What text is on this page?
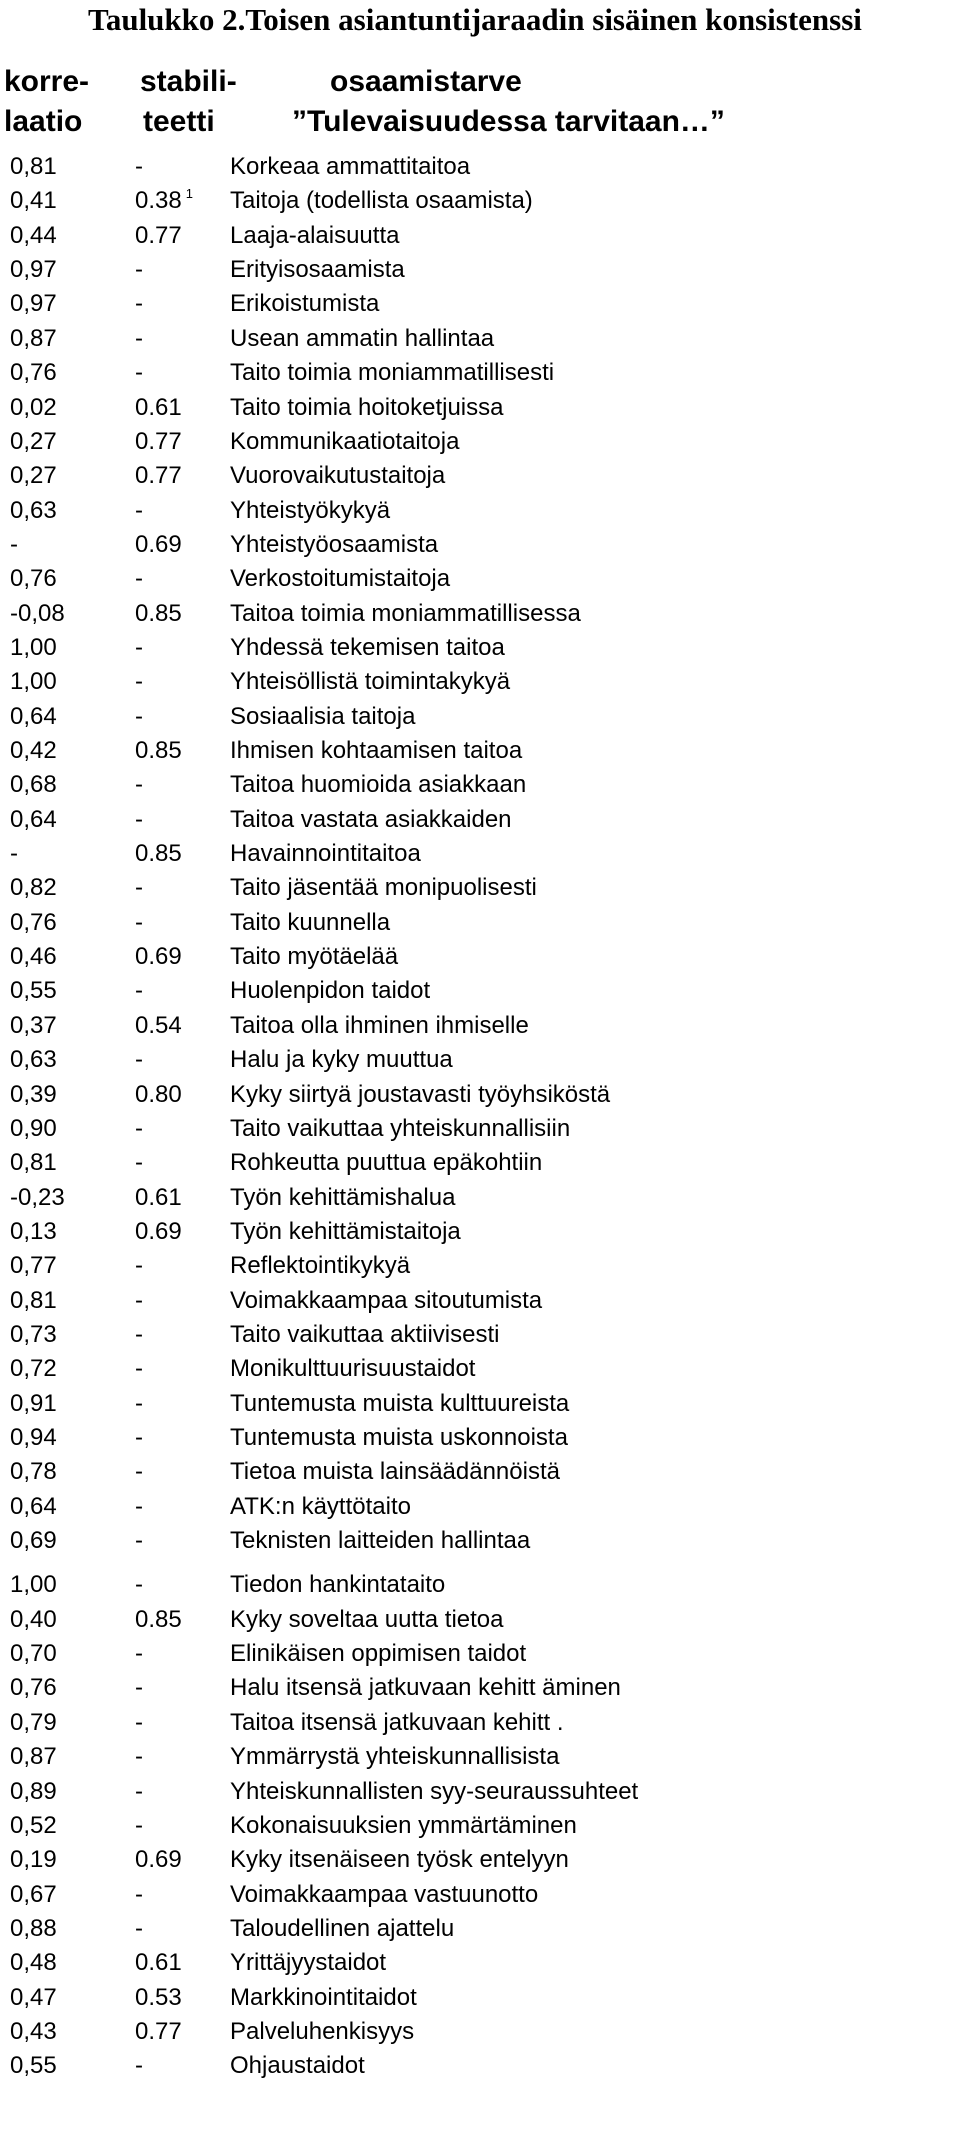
Taulukko 2.Toisen asiantuntijaraadin sisäinen konsistenssi
korre-
laatio
stabili-
teetti
osaamistarve
”Tulevaisuudessa tarvitaan…”
0,81	-	Korkeaa ammattitaitoa
0,41	0.38 $^1$ Taitoja (todellista osaamista)
0,44	0.77 Laaja-alaisuutta
0,97	-	Erityisosaamista
0,97	-	Erikoistumista
0,87	-	Usean ammatin hallintaa
0,76	-	Taito toimia moniammatillisesti
0,02	0.61 Taito toimia hoitoketjuissa
0,27	0.77 Kommunikaatiotaitoja
0,27	0.77 Vuorovaikutustaitoja
0,63	-	Yhteistyökykyä
-	0.69 Yhteistyöosaamista
0,76	-	Verkostoitumistaitoja
-0,08	0.85 Taitoa toimia moniammatillisessa
1,00	-	Yhdessä tekemisen taitoa
1,00	-	Yhteisöllistä toimintakykyä
0,64	-	Sosiaalisia taitoja
0,42	0.85 Ihmisen kohtaamisen taitoa
0,68	-	Taitoa huomioida asiakkaan
0,64	-	Taitoa vastata asiakkaiden
-	0.85 Havainnointitaitoa
0,82	-	Taito jäsentää monipuolisesti
0,76	-	Taito kuunnella
0,46	0.69 Taito myötäelää
0,55	-	Huolenpidon taidot
0,37	0.54 Taitoa olla ihminen ihmiselle
0,63	-	Halu ja kyky muuttua
0,39	0.80 Kyky siirtyä joustavasti työyhsiköstä
0,90	-	Taito vaikuttaa yhteiskunnallisiin
0,81	-	Rohkeutta puuttua epäkohtiin
-0,23	0.61 Työn kehittämishalua
0,13	0.69 Työn kehittämistaitoja
0,77	-	Reflektointikykyä
0,81	-	Voimakkaampaa sitoutumista
0,73	-	Taito vaikuttaa aktiivisesti
0,72	-	Monikulttuurisuustaidot
0,91	-	Tuntemusta muista kulttuureista
0,94	-	Tuntemusta muista uskonnoista
0,78	-	Tietoa muista lainsäädännöistä
0,64	-	ATK:n käyttötaito
0,69	-	Teknisten laitteiden hallintaa
1,00	-	Tiedon hankintataito
0,40	0.85 Kyky soveltaa uutta tietoa
0,70	-	Elinikäisen oppimisen taidot
0,76	-	Halu itsensä jatkuvaan kehitt äminen
0,79	-	Taitoa itsensä jatkuvaan kehitt .
0,87	-	Ymmärrystä yhteiskunnallisista
0,89	-	Yhteiskunnallisten syy-seuraussuhteet
0,52	-	Kokonaisuuksien ymmärtäminen
0,19	0.69 Kyky itsenäiseen työsk entelyyn
0,67	-	Voimakkaampaa vastuunotto
0,88	-	Taloudellinen ajattelu
0,48	0.61 Yrittäjyystaidot
0,47	0.53 Markkinointitaidot
0,43	0.77 Palveluhenkisyys
0,55	-	Ohjaustaidot
